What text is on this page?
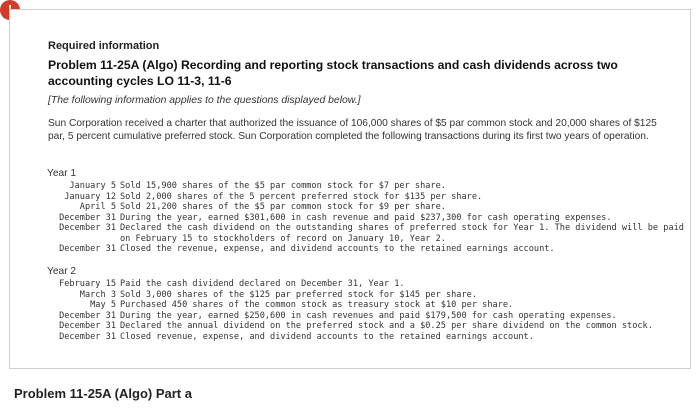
Required information
Problem 11-25A (Algo) Recording and reporting stock transactions and cash dividends across two accounting cycles LO 11-3, 11-6
[The following information applies to the questions displayed below.]
Sun Corporation received a charter that authorized the issuance of 106,000 shares of $5 par common stock and 20,000 shares of $125 par, 5 percent cumulative preferred stock. Sun Corporation completed the following transactions during its first two years of operation.
Year 1
January 5 Sold 15,900 shares of the $5 par common stock for $7 per share.
January 12 Sold 2,000 shares of the 5 percent preferred stock for $135 per share.
April 5 Sold 21,200 shares of the $5 par common stock for $9 per share.
December 31 During the year, earned $301,600 in cash revenue and paid $237,300 for cash operating expenses.
December 31 Declared the cash dividend on the outstanding shares of preferred stock for Year 1. The dividend will be paid on February 15 to stockholders of record on January 10, Year 2.
December 31 Closed the revenue, expense, and dividend accounts to the retained earnings account.
Year 2
February 15 Paid the cash dividend declared on December 31, Year 1.
March 3 Sold 3,000 shares of the $125 par preferred stock for $145 per share.
May 5 Purchased 450 shares of the common stock as treasury stock at $10 per share.
December 31 During the year, earned $250,600 in cash revenues and paid $179,500 for cash operating expenses.
December 31 Declared the annual dividend on the preferred stock and a $0.25 per share dividend on the common stock.
December 31 Closed revenue, expense, and dividend accounts to the retained earnings account.
Problem 11-25A (Algo) Part a
